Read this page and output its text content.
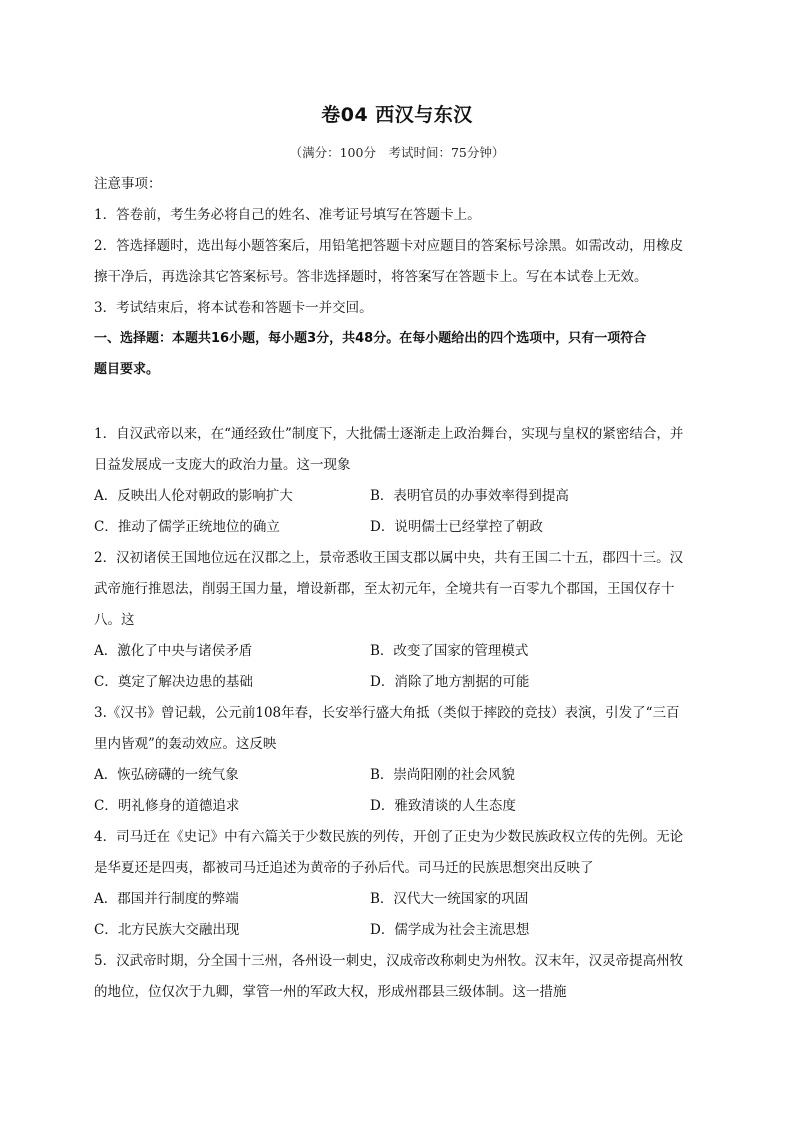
卷04 西汉与东汉
（满分：100分　考试时间：75分钟）
注意事项：
1．答卷前，考生务必将自己的姓名、准考证号填写在答题卡上。
2．答选择题时，选出每小题答案后，用铅笔把答题卡对应题目的答案标号涂黑。如需改动，用橡皮
擦干净后，再选涂其它答案标号。答非选择题时，将答案写在答题卡上。写在本试卷上无效。
3．考试结束后，将本试卷和答题卡一并交回。
一、选择题：本题共16小题，每小题3分，共48分。在每小题给出的四个选项中，只有一项符合
题目要求。
1．自汉武帝以来，在“通经致仕”制度下，大批儒士逐渐走上政治舞台，实现与皇权的紧密结合，并
日益发展成一支庞大的政治力量。这一现象
A．反映出人伦对朝政的影响扩大	B．表明官员的办事效率得到提高
C．推动了儒学正统地位的确立	D．说明儒士已经掌控了朝政
2．汉初诸侯王国地位远在汉郡之上，景帝悉收王国支郡以属中央，共有王国二十五，郡四十三。汉
武帝施行推恩法，削弱王国力量，增设新郡，至太初元年，全境共有一百零九个郡国，王国仅存十
八。这
A．激化了中央与诸侯矛盾	B．改变了国家的管理模式
C．奠定了解决边患的基础	D．消除了地方割据的可能
3.《汉书》曾记载，公元前108年春，长安举行盛大角抵（类似于摔跤的竞技）表演，引发了“三百
里内皆观”的轰动效应。这反映
A．恢弘磅礴的一统气象	B．崇尚阳刚的社会风貌
C．明礼修身的道德追求	D．雅致清谈的人生态度
4．司马迁在《史记》中有六篇关于少数民族的列传，开创了正史为少数民族政权立传的先例。无论
是华夏还是四夷，都被司马迁追述为黄帝的子孙后代。司马迁的民族思想突出反映了
A．郡国并行制度的弊端	B．汉代大一统国家的巩固
C．北方民族大交融出现	D．儒学成为社会主流思想
5．汉武帝时期，分全国十三州，各州设一刺史，汉成帝改称刺史为州牧。汉末年，汉灵帝提高州牧
的地位，位仅次于九卿，掌管一州的军政大权，形成州郡县三级体制。这一措施
